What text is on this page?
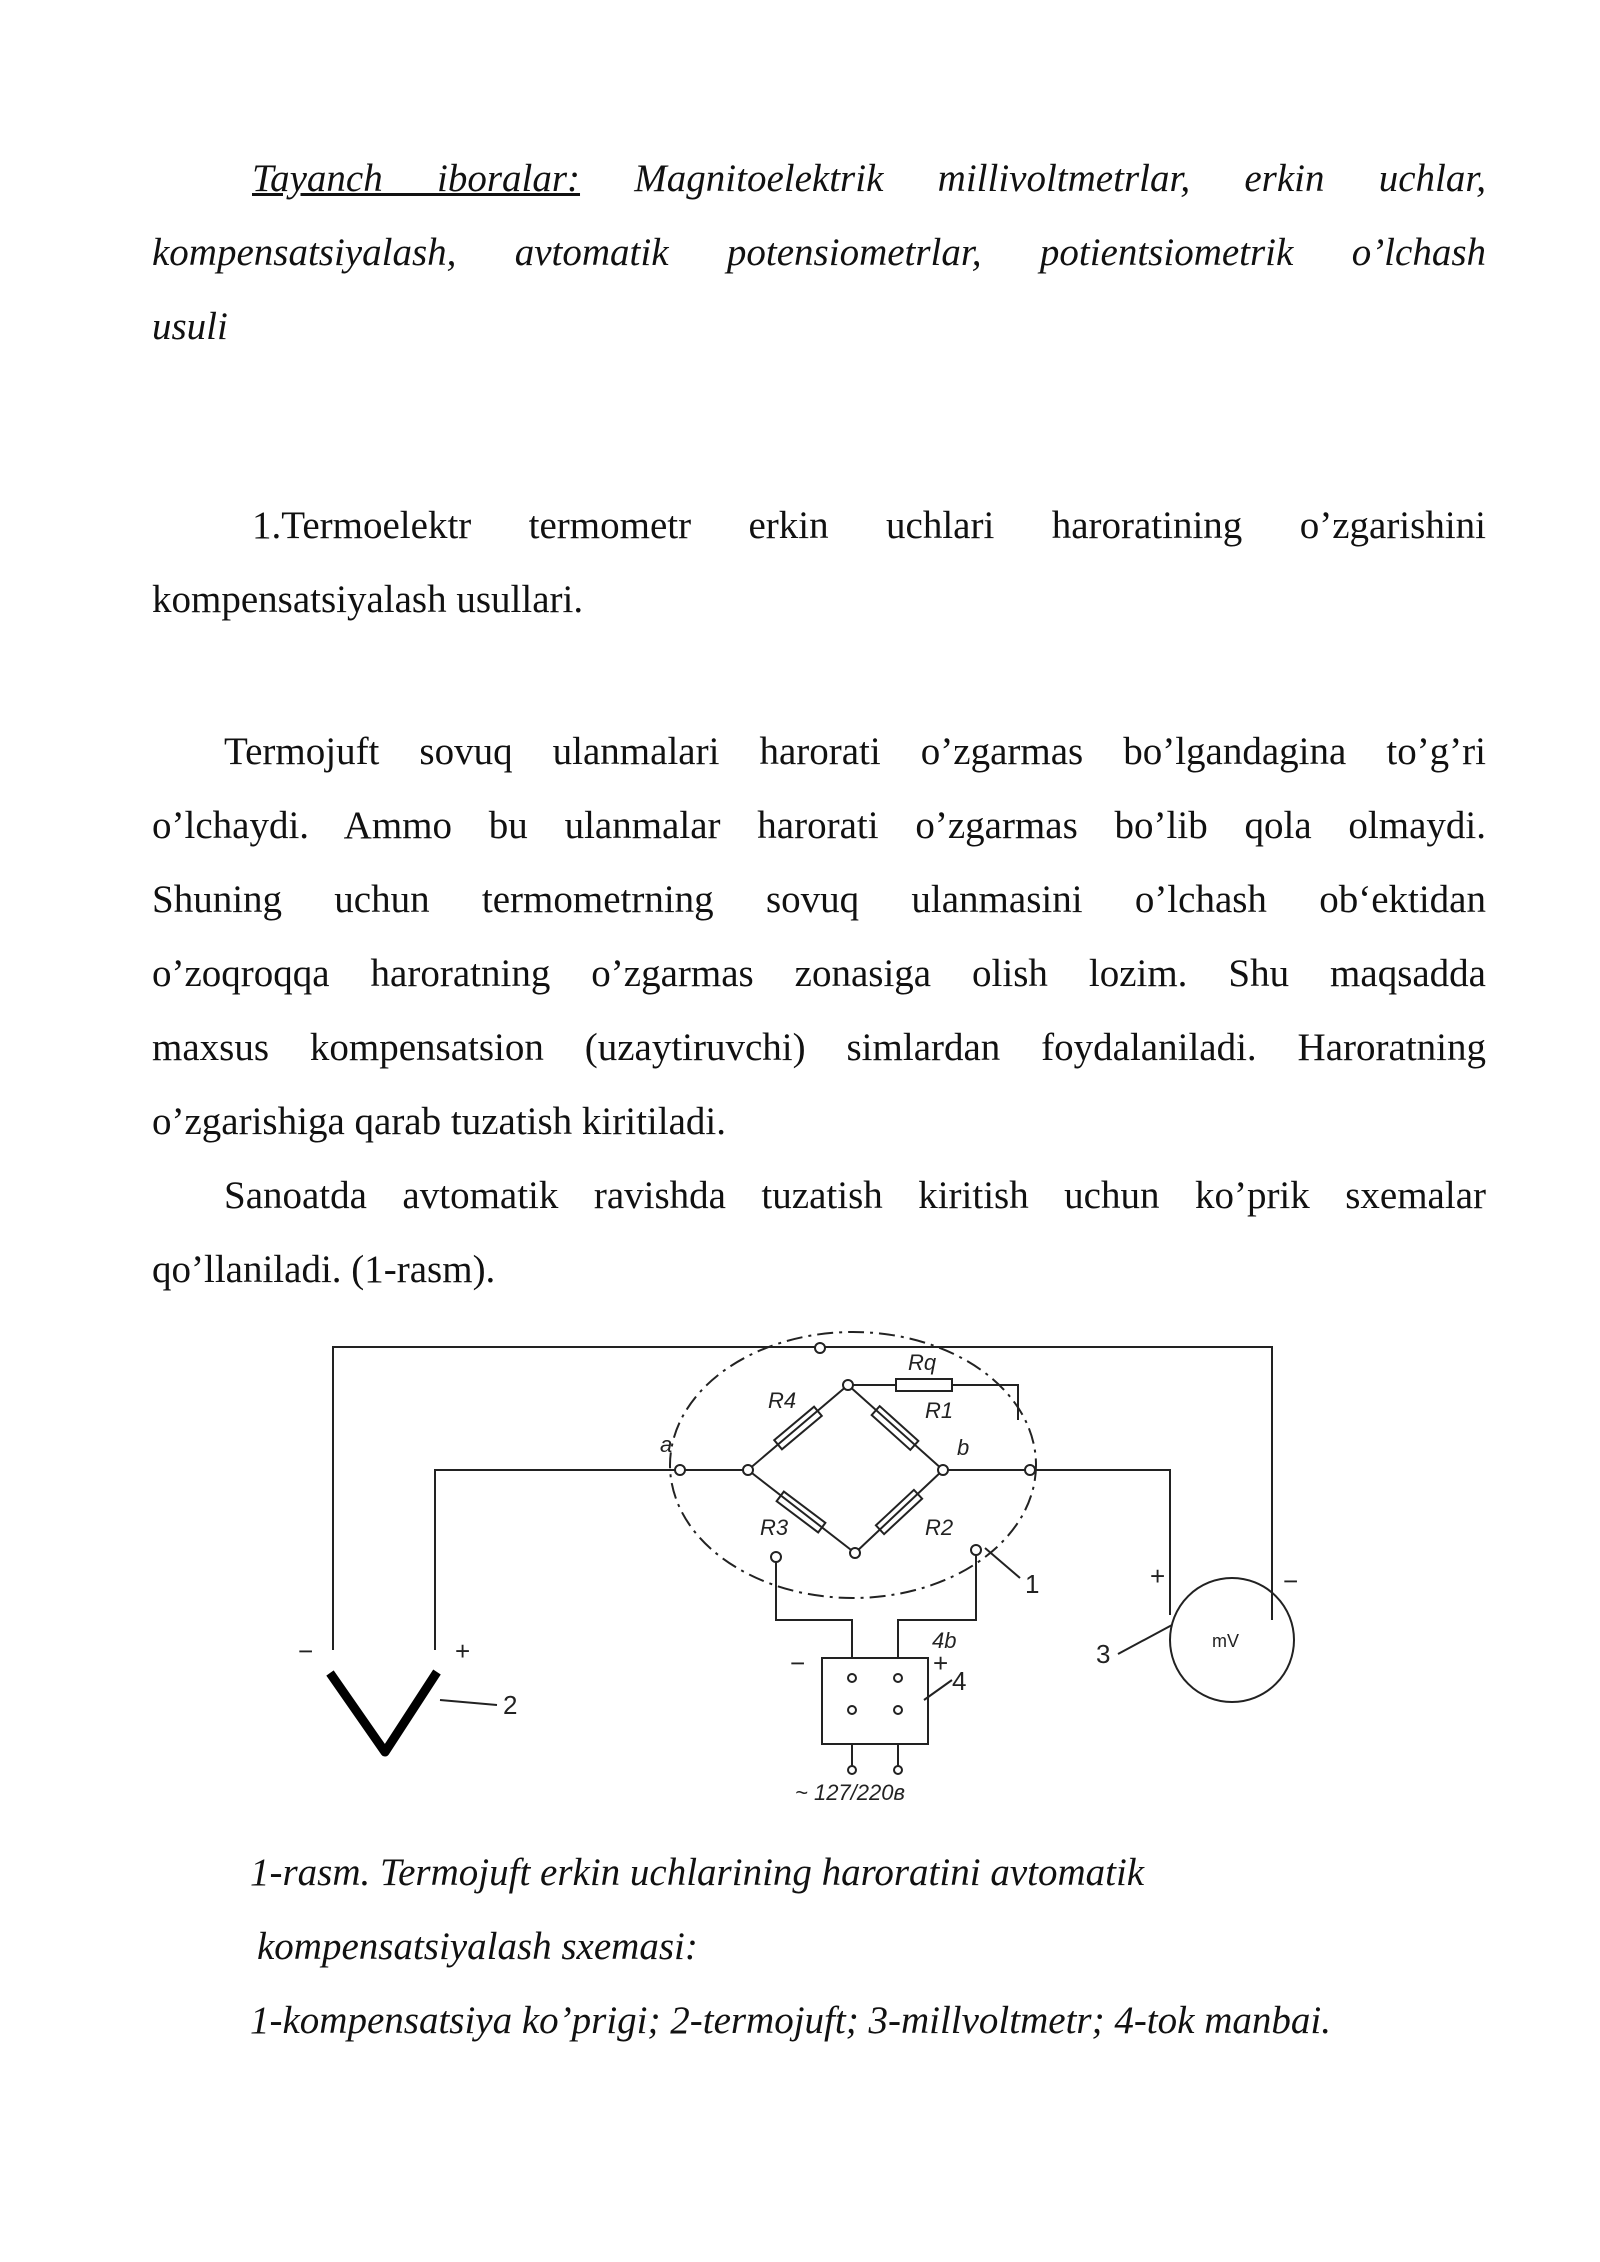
Tayanch iboralar: Magnitoelektrik millivoltmetrlar, erkin uchlar,

kompensatsiyalash, avtomatik potensiometrlar, potientsiometrik o’lchash

usuli

1.Termoelektr termometr erkin uchlari haroratining o’zgarishini

kompensatsiyalash usullari.

Termojuft sovuq ulanmalari harorati o’zgarmas bo’lgandagina to’g’ri

o’lchaydi. Ammo bu ulanmalar harorati o’zgarmas bo’lib qola olmaydi.

Shuning uchun termometrning sovuq ulanmasini o’lchash ob‘ektidan

o’zoqroqqa haroratning o’zgarmas zonasiga olish lozim. Shu maqsadda

maxsus kompensatsion (uzaytiruvchi) simlardan foydalaniladi. Haroratning

o’zgarishiga qarab tuzatish kiritiladi.

Sanoatda avtomatik ravishda tuzatish kiritish uchun ko’prik sxemalar

qo’llaniladi. (1-rasm).

Rq
R4	R1
R2
R3
a	b
4b
1
2
3
4
−	+
+	−
−	+
mV
~ 127/220в

1-rasm. Termojuft erkin uchlarining haroratini avtomatik

kompensatsiyalash sxemasi:

1-kompensatsiya ko’prigi; 2-termojuft; 3-millvoltmetr; 4-tok manbai.
